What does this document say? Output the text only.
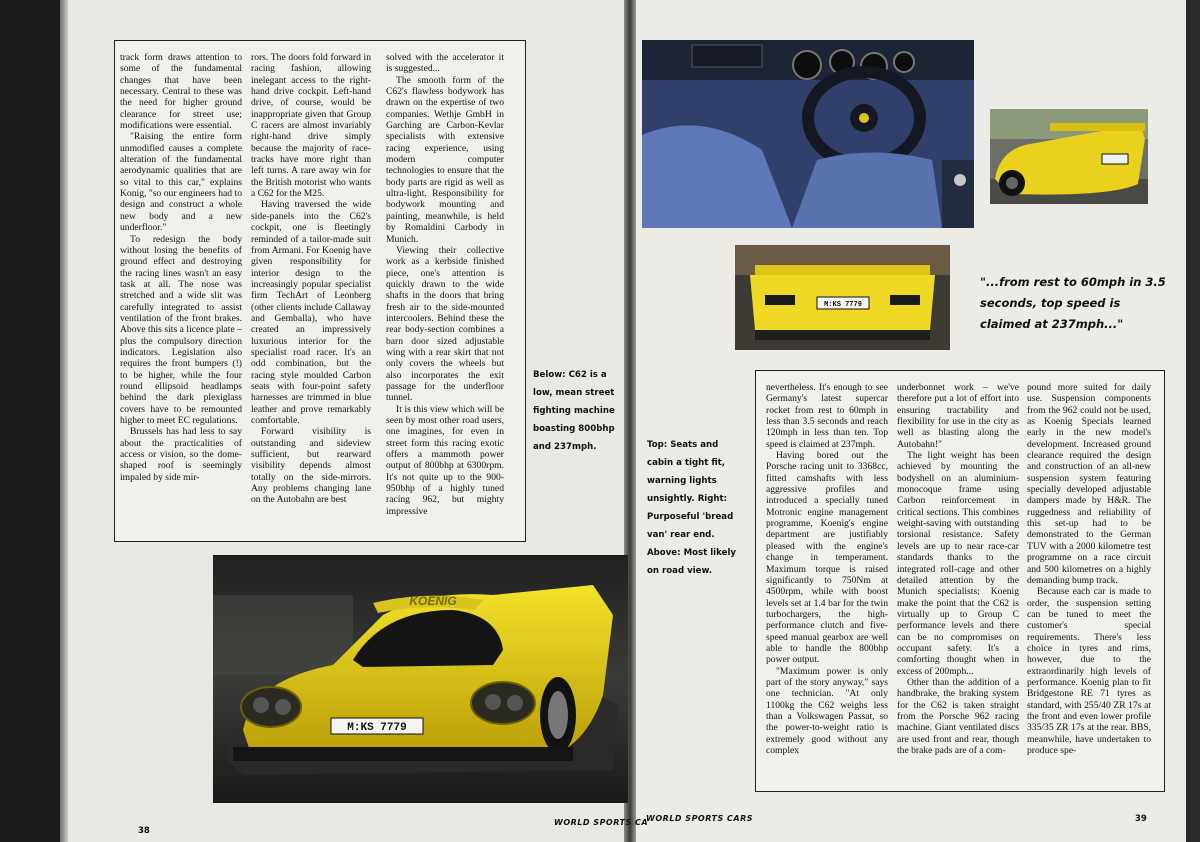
track form draws attention to some of the fundamental changes that have been necessary. Central to these was the need for higher ground clearance for street use; modifications were essential.

"Raising the entire form unmodified causes a complete alteration of the fundamental aerodynamic qualities that are so vital to this car," explains Konig, "so our engineers had to design and construct a whole new body and a new underfloor."

To redesign the body without losing the benefits of ground effect and destroying the racing lines wasn't an easy task at all. The nose was stretched and a wide slit was carefully integrated to assist ventilation of the front brakes. Above this sits a licence plate – plus the compulsory direction indicators. Legislation also requires the front bumpers (!) to be higher, while the four round ellipsoid headlamps behind the dark plexiglass covers have to be remounted higher to meet EC regulations.

Brussels has had less to say about the practicalities of access or vision, so the dome-shaped roof is seemingly impaled by side mir-

rors. The doors fold forward in racing fashion, allowing inelegant access to the right-hand drive cockpit. Left-hand drive, of course, would be inappropriate given that Group C racers are almost invariably right-hand drive simply because the majority of race-tracks have more right than left turns. A rare away win for the British motorist who wants a C62 for the M25.

Having traversed the wide side-panels into the C62's cockpit, one is fleetingly reminded of a tailor-made suit from Armani. For Koenig have given responsibility for interior design to the increasingly popular specialist firm TechArt of Leonberg (other clients include Callaway and Gemballa), who have created an impressively luxurious interior for the specialist road racer. It's an odd combination, but the racing style moulded Carbon seats with four-point safety harnesses are trimmed in blue leather and prove remarkably comfortable.

Forward visibility is outstanding and sideview sufficient, but rearward visibility depends almost totally on the side-mirrors. Any problems changing lane on the Autobahn are best

solved with the accelerator it is suggested...

The smooth form of the C62's flawless bodywork has drawn on the expertise of two companies. Wethje GmbH in Garching are Carbon-Kevlar specialists with extensive racing experience, using modern computer technologies to ensure that the body parts are rigid as well as ultra-light. Responsibility for bodywork mounting and painting, meanwhile, is held by Romaldini Carbody in Munich.

Viewing their collective work as a kerbside finished piece, one's attention is quickly drawn to the wide shafts in the doors that bring fresh air to the side-mounted intercoolers. Behind these the rear body-section combines a barn door sized adjustable wing with a rear skirt that not only covers the wheels but also incorporates the exit passage for the underfloor tunnel.

It is this view which will be seen by most other road users, one imagines, for even in street form this racing exotic offers a mammoth power output of 800bhp at 6300rpm. It's not quite up to the 900-950bhp of a highly tuned racing 962, but mighty impressive

Below: C62 is a low, mean street fighting machine boasting 800bhp and 237mph.
M:KS 7779
KOENIG
38
WORLD SPORTS CA
M:KS 7779
"...from rest to 60mph in 3.5 seconds, top speed is claimed at 237mph..."
Top: Seats and cabin a tight fit, warning lights unsightly. Right: Purposeful 'bread van' rear end. Above: Most likely on road view.

nevertheless. It's enough to see Germany's latest supercar rocket from rest to 60mph in less than 3.5 seconds and reach 120mph in less than ten. Top speed is claimed at 237mph.

Having bored out the Porsche racing unit to 3368cc, fitted camshafts with less aggressive profiles and introduced a specially tuned Motronic engine management programme, Koenig's engine department are justifiably pleased with the engine's change in temperament. Maximum torque is raised significantly to 750Nm at 4500rpm, while with boost levels set at 1.4 bar for the twin turbochargers, the high-performance clutch and five-speed manual gearbox are well able to handle the 800bhp power output.

"Maximum power is only part of the story anyway," says one technician. "At only 1100kg the C62 weighs less than a Volkswagen Passat, so the power-to-weight ratio is extremely good without any complex

underbonnet work – we've therefore put a lot of effort into ensuring tractability and flexibility for use in the city as well as blasting along the Autobahn!"

The light weight has been achieved by mounting the bodyshell on an aluminium-monocoque frame using Carbon reinforcement in critical sections. This combines weight-saving with outstanding torsional resistance. Safety levels are up to near race-car standards thanks to the integrated roll-cage and other detailed attention by the Munich specialists; Koenig make the point that the C62 is virtually up to Group C performance levels and there can be no compromises on occupant safety. It's a comforting thought when in excess of 200mph...

Other than the addition of a handbrake, the braking system for the C62 is taken straight from the Porsche 962 racing machine. Giant ventilated discs are used front and rear, though the brake pads are of a com-

pound more suited for daily use. Suspension components from the 962 could not be used, as Koenig Specials learned early in the new model's development. Increased ground clearance required the design and construction of an all-new suspension system featuring specially developed adjustable dampers made by H&R. The ruggedness and reliability of this set-up had to be demonstrated to the German TUV with a 2000 kilometre test programme on a race circuit and 500 kilometres on a highly demanding bump track.

Because each car is made to order, the suspension setting can be tuned to meet the customer's special requirements. There's less choice in tyres and rims, however, due to the extraordinarily high levels of performance. Koenig plan to fit Bridgestone RE 71 tyres as standard, with 255/40 ZR 17s at the front and even lower profile 335/35 ZR 17s at the rear. BBS, meanwhile, have undertaken to produce spe-

WORLD SPORTS CARS	39
